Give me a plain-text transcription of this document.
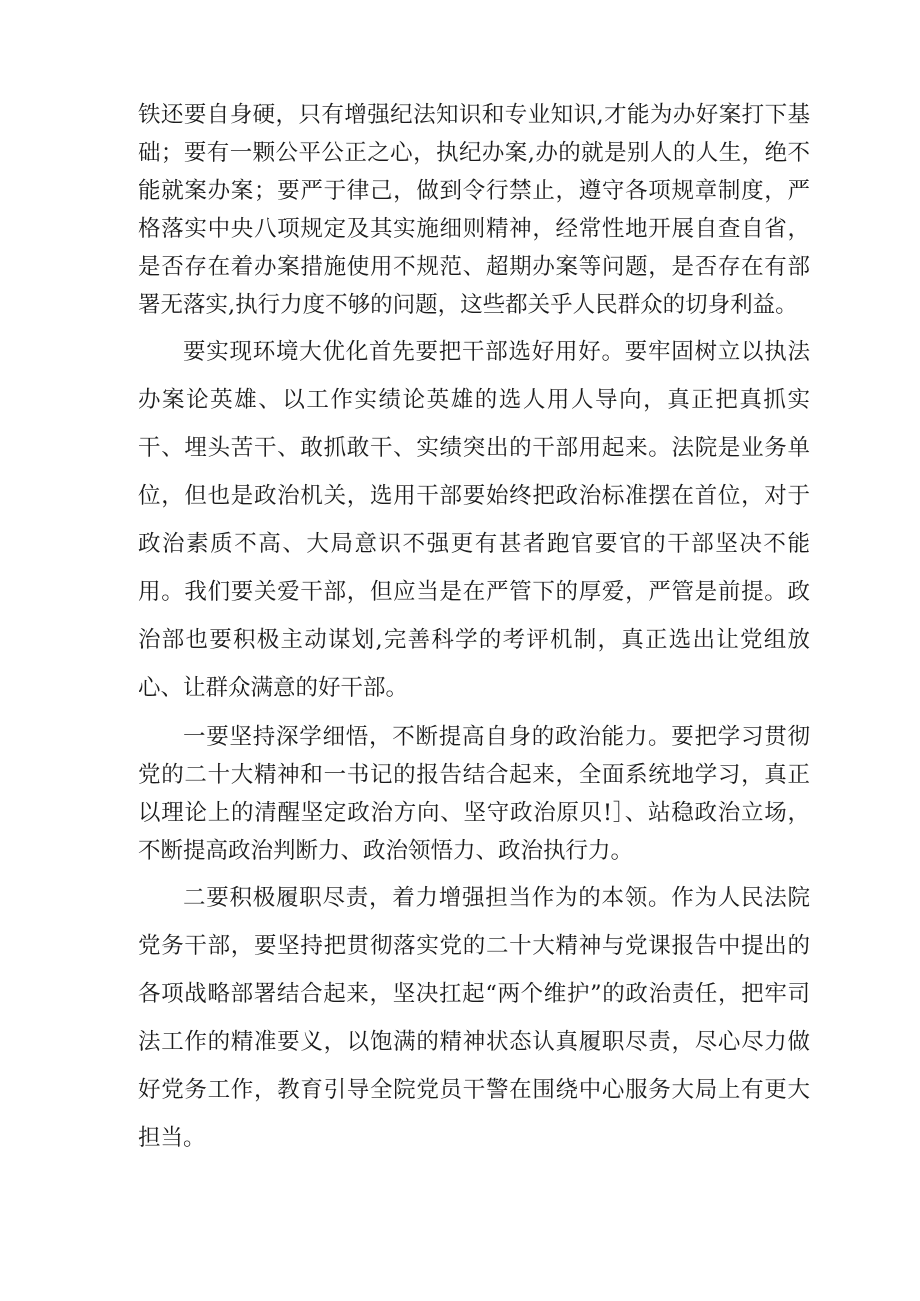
铁还要自身硬，只有增强纪法知识和专业知识,才能为办好案打下基础；要有一颗公平公正之心，执纪办案,办的就是别人的人生，绝不能就案办案；要严于律己，做到令行禁止，遵守各项规章制度，严格落实中央八项规定及其实施细则精神，经常性地开展自查自省，是否存在着办案措施使用不规范、超期办案等问题，是否存在有部署无落实,执行力度不够的问题，这些都关乎人民群众的切身利益。

要实现环境大优化首先要把干部选好用好。要牢固树立以执法办案论英雄、以工作实绩论英雄的选人用人导向，真正把真抓实干、埋头苦干、敢抓敢干、实绩突出的干部用起来。法院是业务单位，但也是政治机关，选用干部要始终把政治标准摆在首位，对于政治素质不高、大局意识不强更有甚者跑官要官的干部坚决不能用。我们要关爱干部，但应当是在严管下的厚爱，严管是前提。政治部也要积极主动谋划,完善科学的考评机制，真正选出让党组放心、让群众满意的好干部。

一要坚持深学细悟，不断提高自身的政治能力。要把学习贯彻党的二十大精神和一书记的报告结合起来，全面系统地学习，真正以理论上的清醒坚定政治方向、坚守政治原贝!］、站稳政治立场，不断提高政治判断力、政治领悟力、政治执行力。

二要积极履职尽责，着力增强担当作为的本领。作为人民法院党务干部，要坚持把贯彻落实党的二十大精神与党课报告中提出的各项战略部署结合起来，坚决扛起“两个维护”的政治责任，把牢司法工作的精准要义，以饱满的精神状态认真履职尽责，尽心尽力做好党务工作，教育引导全院党员干警在围绕中心服务大局上有更大担当。
